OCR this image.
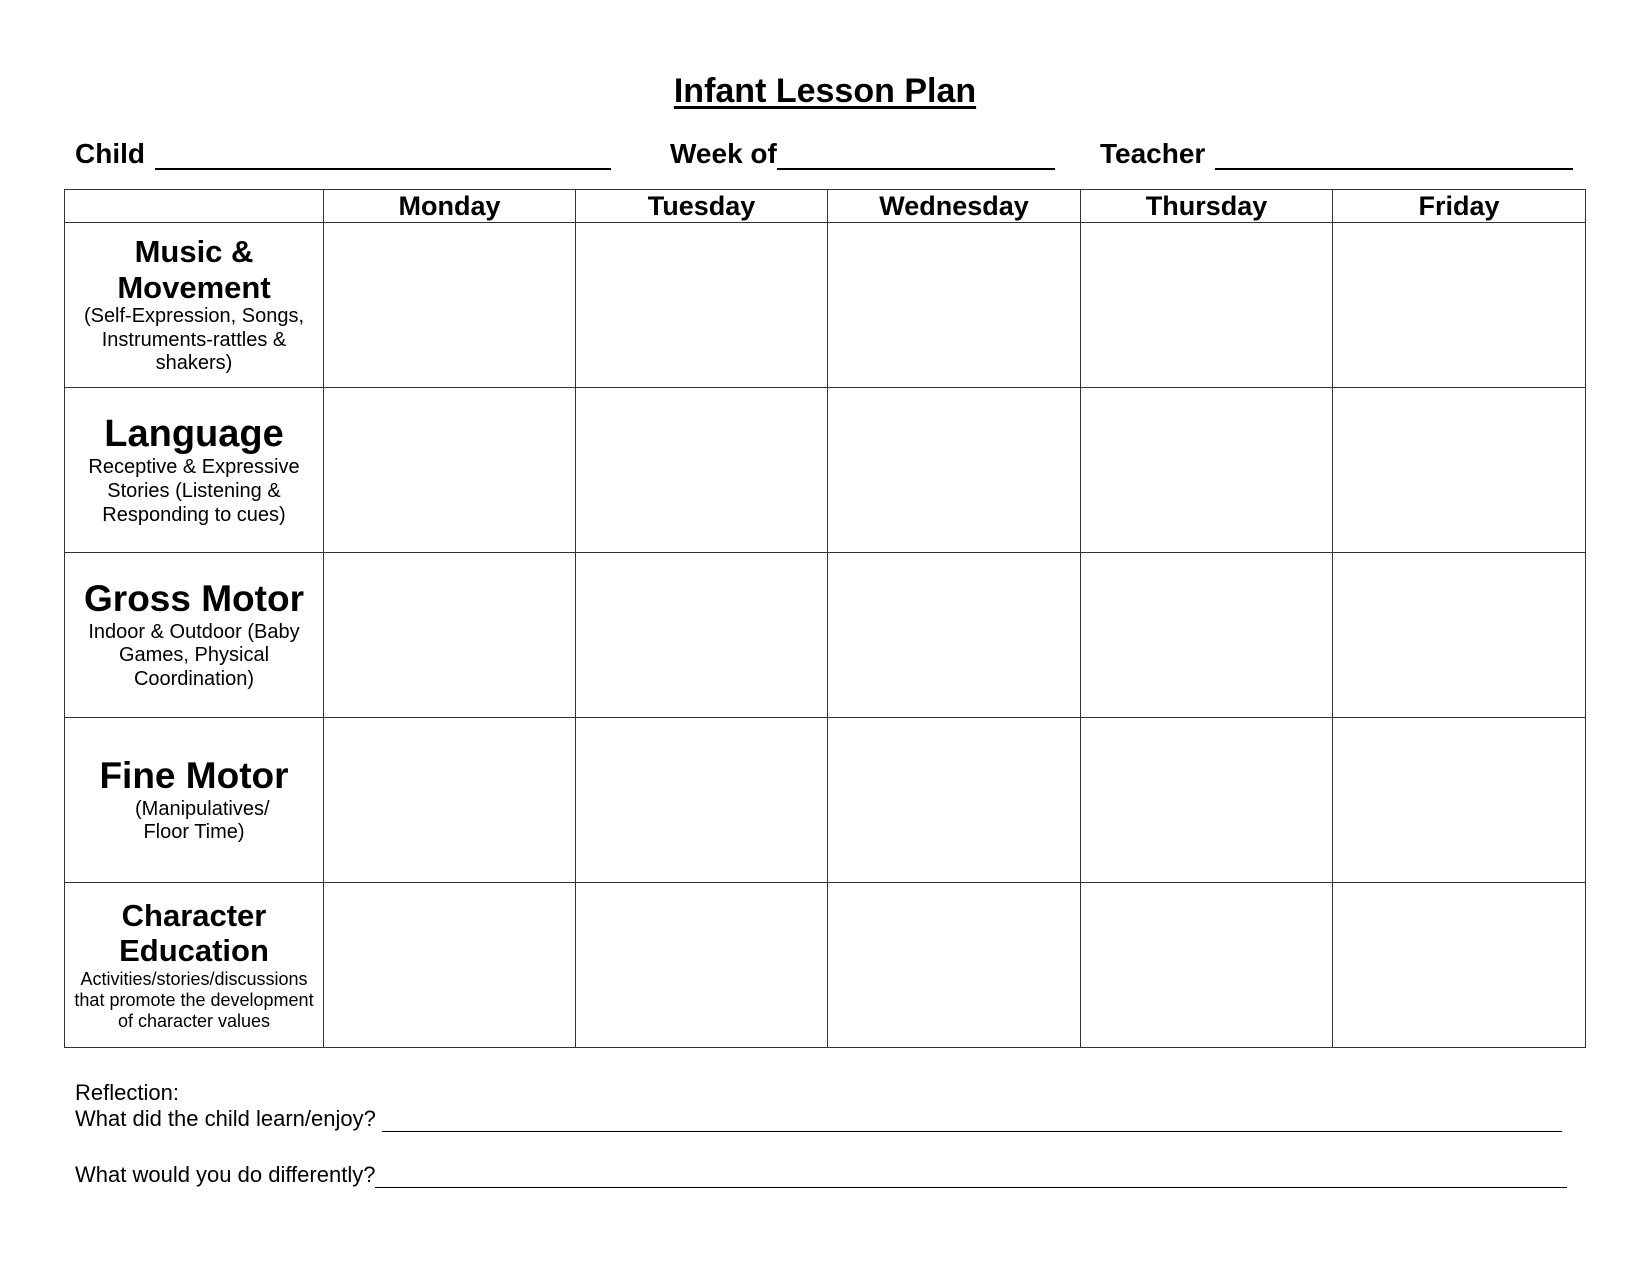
Infant Lesson Plan
Child	Week of	Teacher
	Monday	Tuesday	Wednesday	Thursday	Friday

Music & Movement
(Self-Expression, Songs, Instruments-rattles & shakers)					

Language
Receptive & Expressive Stories (Listening & Responding to cues)					

Gross Motor
Indoor & Outdoor (Baby Games, Physical Coordination)					

Fine Motor
(Manipulatives/ Floor Time)					

Character Education
Activities/stories/discussions that promote the development of character values					

Reflection:
What did the child learn/enjoy?
What would you do differently?
